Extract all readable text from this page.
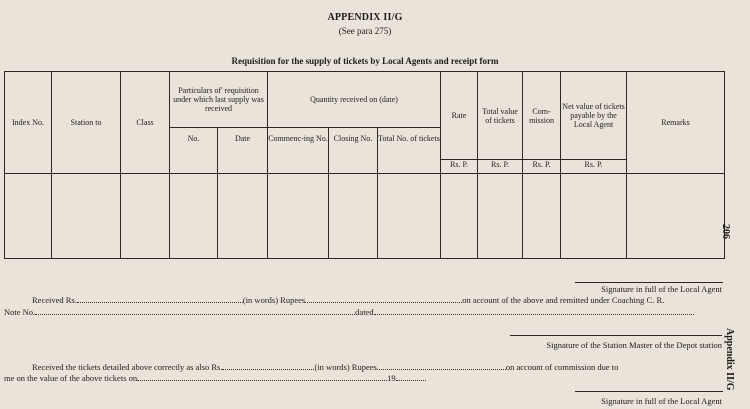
APPENDIX II/G
(See para 275)
Requisition for the supply of tickets by Local Agents and receipt form
Index No.	Station to	Class	Particulars of' requisition under which last supply was received		Quantity received on (date)			Rate	Total value of tickets	Com-mission	Net value of tickets payable by the Local Agent	Remarks
			No.	Date	Commenc-ing No.	Closing No.	Total No. of tickets					
								Rs. P.	Rs. P.	Rs. P.	Rs. P.	

Signature in full of the Local Agent
Received Rs.	(in words) Rupees	on account of the above and remitted under Coaching C. R.
Note No.	dated
Signature of the Station Master of the Depot station
Received the tickets detailed above correctly as also Rs.	(in words) Rupees	on account of commission due to
me on the value of the above tickets on	19
Signature in full of the Local Agent
206
Appendix II/G
